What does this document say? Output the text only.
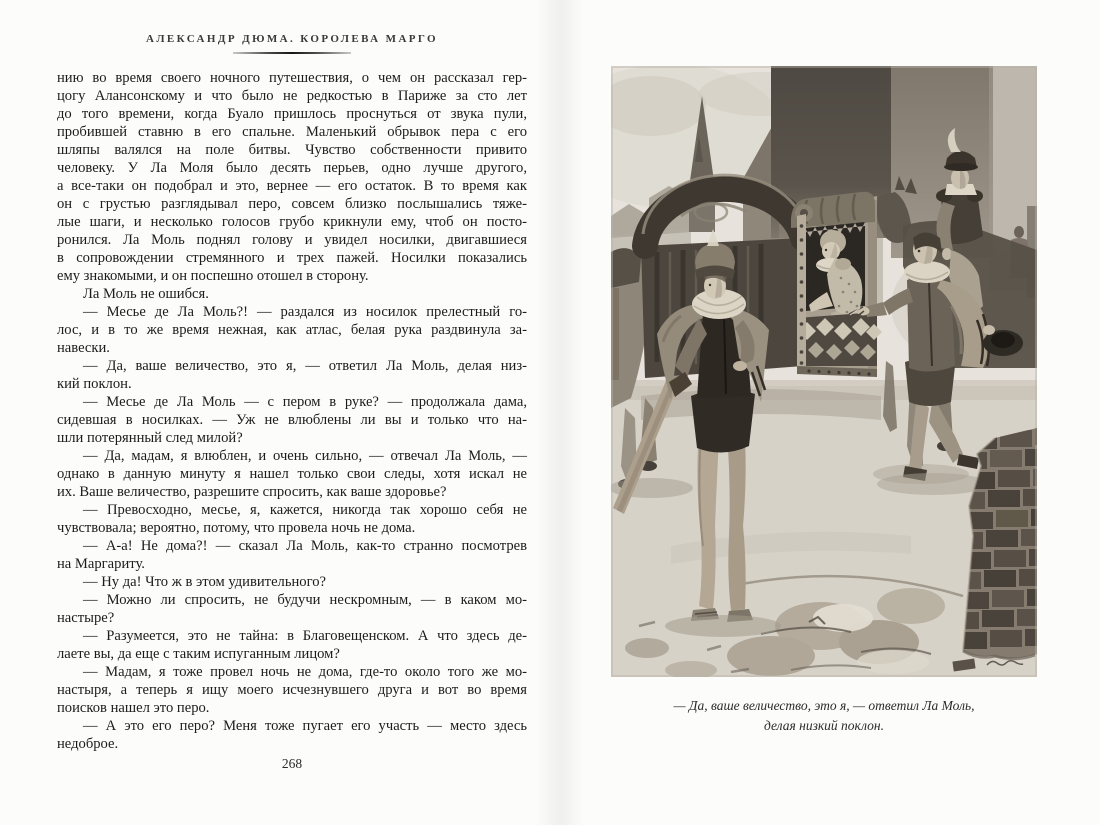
АЛЕКСАНДР ДЮМА. КОРОЛЕВА МАРГО
нию во время своего ночного путешествия, о чем он рассказал гер-
цогу Алансонскому и что было не редкостью в Париже за сто лет
до того времени, когда Буало пришлось проснуться от звука пули,
пробившей ставню в его спальне. Маленький обрывок пера с его
шляпы валялся на поле битвы. Чувство собственности привито
человеку. У Ла Моля было десять перьев, одно лучше другого,
а все-таки он подобрал и это, вернее — его остаток. В то время как
он с грустью разглядывал перо, совсем близко послышались тяже-
лые шаги, и несколько голосов грубо крикнули ему, чтоб он посто-
ронился. Ла Моль поднял голову и увидел носилки, двигавшиеся
в сопровождении стремянного и трех пажей. Носилки показались
ему знакомыми, и он поспешно отошел в сторону.
Ла Моль не ошибся.
— Месье де Ла Моль?! — раздался из носилок прелестный го-
лос, и в то же время нежная, как атлас, белая рука раздвинула за-
навески.
— Да, ваше величество, это я, — ответил Ла Моль, делая низ-
кий поклон.
— Месье де Ла Моль — с пером в руке? — продолжала дама,
сидевшая в носилках. — Уж не влюблены ли вы и только что на-
шли потерянный след милой?
— Да, мадам, я влюблен, и очень сильно, — отвечал Ла Моль, —
однако в данную минуту я нашел только свои следы, хотя искал не
их. Ваше величество, разрешите спросить, как ваше здоровье?
— Превосходно, месье, я, кажется, никогда так хорошо себя не
чувствовала; вероятно, потому, что провела ночь не дома.
— А-а! Не дома?! — сказал Ла Моль, как-то странно посмотрев
на Маргариту.
— Ну да! Что ж в этом удивительного?
— Можно ли спросить, не будучи нескромным, — в каком мо-
настыре?
— Разумеется, это не тайна: в Благовещенском. А что здесь де-
лаете вы, да еще с таким испуганным лицом?
— Мадам, я тоже провел ночь не дома, где-то около того же мо-
настыря, а теперь я ищу моего исчезнувшего друга и вот во время
поисков нашел это перо.
— А это его перо? Меня тоже пугает его участь — место здесь
недоброе.
268
— Да, ваше величество, это я, — ответил Ла Моль,
делая низкий поклон.
